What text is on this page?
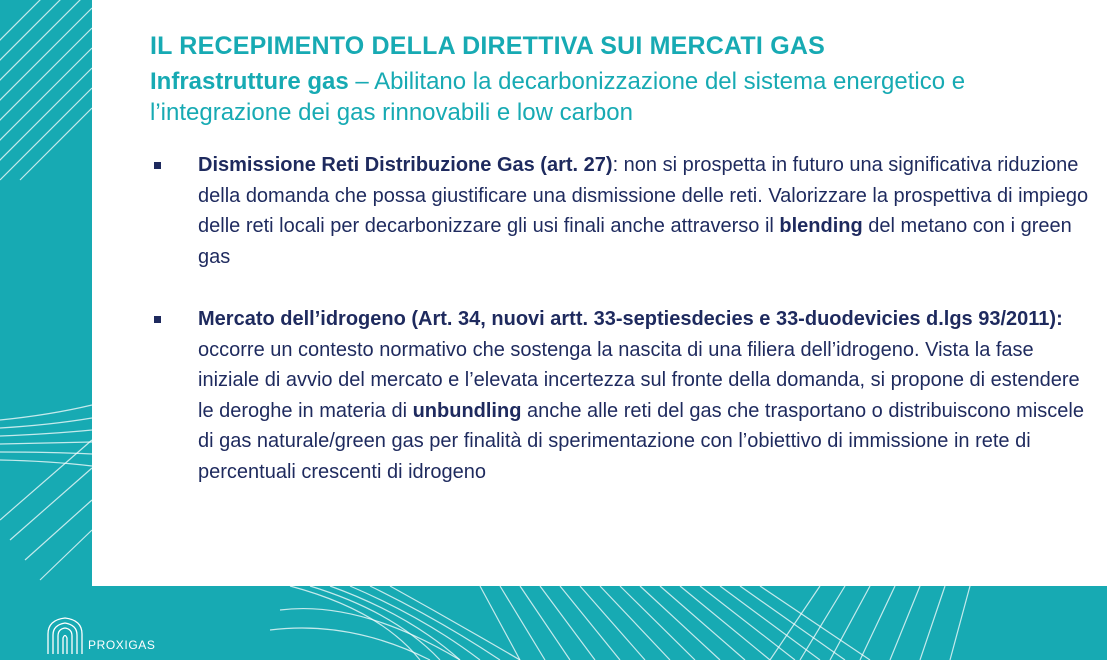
IL RECEPIMENTO DELLA DIRETTIVA SUI MERCATI GAS

Infrastrutture gas – Abilitano la decarbonizzazione del sistema energetico e l’integrazione dei gas rinnovabili e low carbon

Dismissione Reti Distribuzione Gas (art. 27): non si prospetta in futuro una significativa riduzione della domanda che possa giustificare una dismissione delle reti. Valorizzare la prospettiva di impiego delle reti locali per decarbonizzare gli usi finali anche attraverso il blending del metano con i green gas
Mercato dell’idrogeno (Art. 34, nuovi artt. 33-septiesdecies e 33-duodevicies d.lgs 93/2011): occorre un contesto normativo che sostenga la nascita di una filiera dell’idrogeno. Vista la fase iniziale di avvio del mercato e l’elevata incertezza sul fronte della domanda, si propone di estendere le deroghe in materia di unbundling anche alle reti del gas che trasportano o distribuiscono miscele di gas naturale/green gas per finalità di sperimentazione con l’obiettivo di immissione in rete di percentuali crescenti di idrogeno
PROXIGAS
